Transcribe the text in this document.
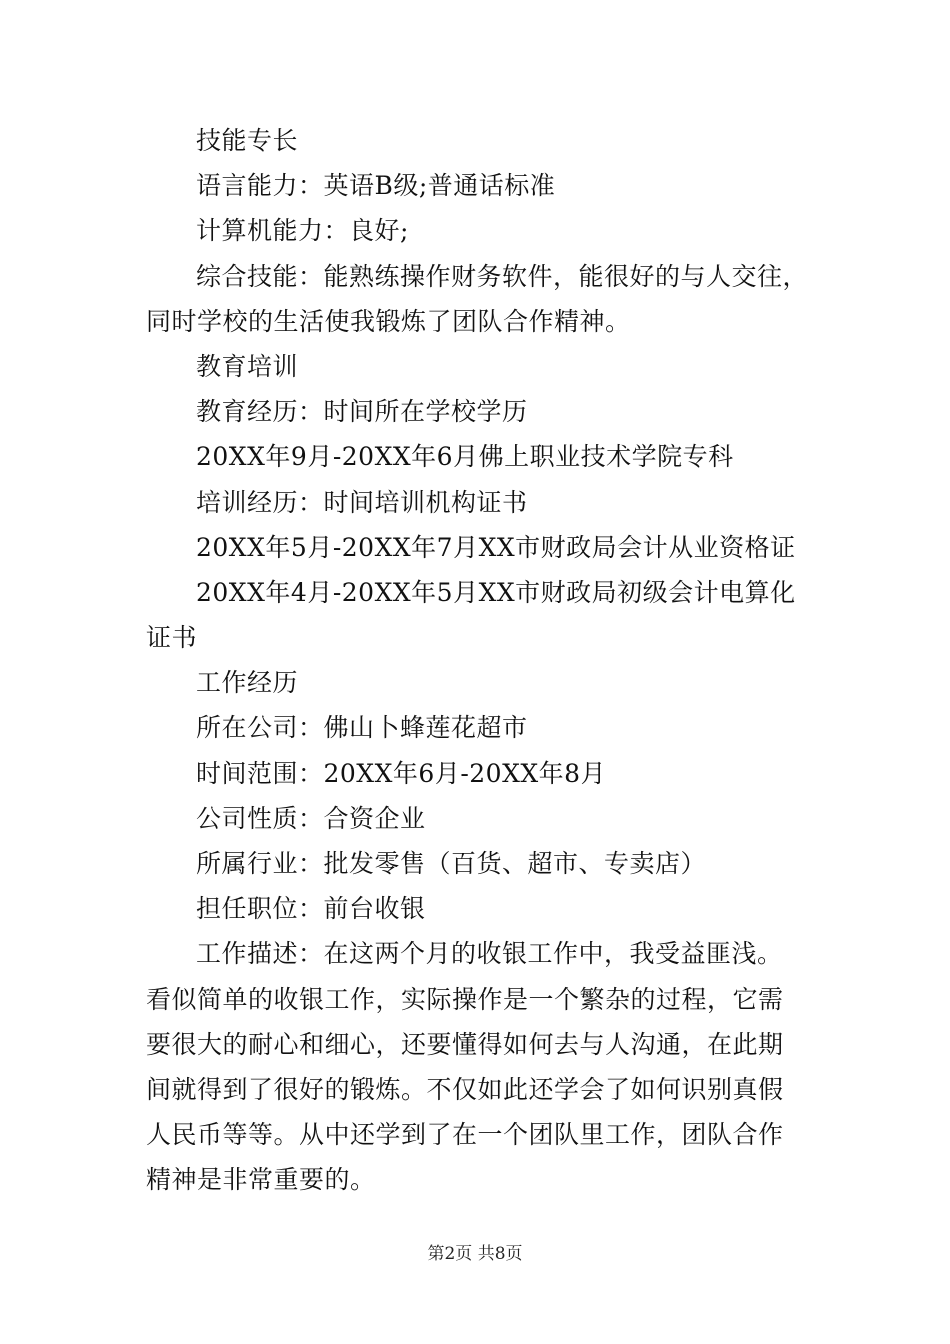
技能专长
语言能力：英语B级;普通话标准
计算机能力：良好;
综合技能：能熟练操作财务软件，能很好的与人交往，
同时学校的生活使我锻炼了团队合作精神。
教育培训
教育经历：时间所在学校学历
20XX年9月-20XX年6月佛上职业技术学院专科
培训经历：时间培训机构证书
20XX年5月-20XX年7月XX市财政局会计从业资格证
20XX年4月-20XX年5月XX市财政局初级会计电算化
证书
工作经历
所在公司：佛山卜蜂莲花超市
时间范围：20XX年6月-20XX年8月
公司性质：合资企业
所属行业：批发零售（百货、超市、专卖店）
担任职位：前台收银
工作描述：在这两个月的收银工作中，我受益匪浅。
看似简单的收银工作，实际操作是一个繁杂的过程，它需
要很大的耐心和细心，还要懂得如何去与人沟通，在此期
间就得到了很好的锻炼。不仅如此还学会了如何识别真假
人民币等等。从中还学到了在一个团队里工作，团队合作
精神是非常重要的。
第2页 共8页
